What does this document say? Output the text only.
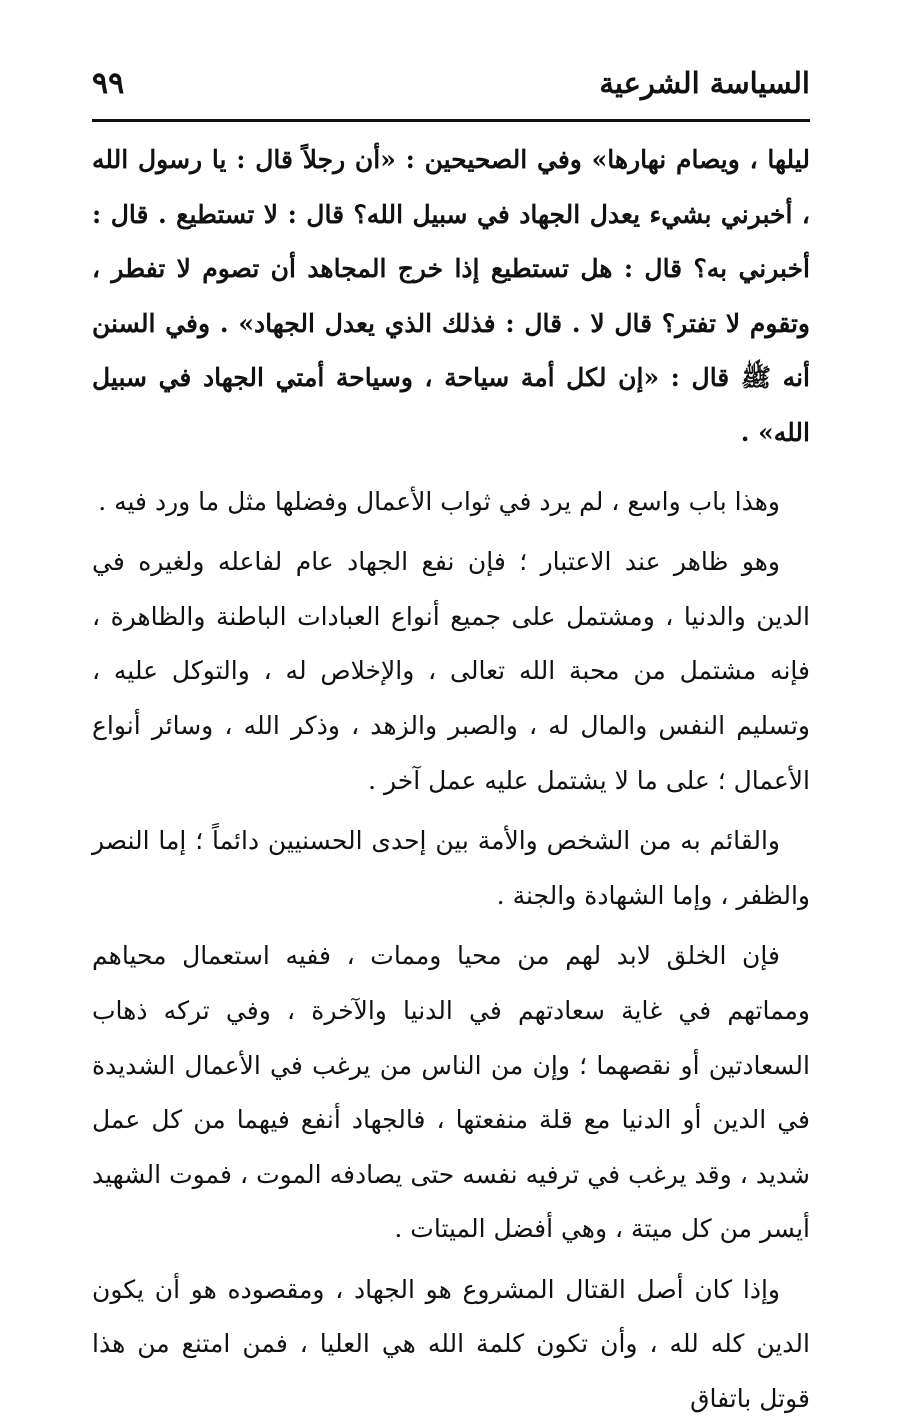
السياسة الشرعية
٩٩

ليلها ، ويصام نهارها» وفي الصحيحين : «أن رجلاً قال : يا رسول الله ، أخبرني بشيء يعدل الجهاد في سبيل الله؟ قال : لا تستطيع . قال : أخبرني به؟ قال : هل تستطيع إذا خرج المجاهد أن تصوم لا تفطر ، وتقوم لا تفتر؟ قال لا . قال : فذلك الذي يعدل الجهاد» . وفي السنن أنه ﷺ قال : «إن لكل أمة سياحة ، وسياحة أمتي الجهاد في سبيل الله» .

وهذا باب واسع ، لم يرد في ثواب الأعمال وفضلها مثل ما ورد فيه .

وهو ظاهر عند الاعتبار ؛ فإن نفع الجهاد عام لفاعله ولغيره في الدين والدنيا ، ومشتمل على جميع أنواع العبادات الباطنة والظاهرة ، فإنه مشتمل من محبة الله تعالى ، والإخلاص له ، والتوكل عليه ، وتسليم النفس والمال له ، والصبر والزهد ، وذكر الله ، وسائر أنواع الأعمال ؛ على ما لا يشتمل عليه عمل آخر .

والقائم به من الشخص والأمة بين إحدى الحسنيين دائماً ؛ إما النصر والظفر ، وإما الشهادة والجنة .

فإن الخلق لابد لهم من محيا وممات ، ففيه استعمال محياهم ومماتهم في غاية سعادتهم في الدنيا والآخرة ، وفي تركه ذهاب السعادتين أو نقصهما ؛ وإن من الناس من يرغب في الأعمال الشديدة في الدين أو الدنيا مع قلة منفعتها ، فالجهاد أنفع فيهما من كل عمل شديد ، وقد يرغب في ترفيه نفسه حتى يصادفه الموت ، فموت الشهيد أيسر من كل ميتة ، وهي أفضل الميتات .

وإذا كان أصل القتال المشروع هو الجهاد ، ومقصوده هو أن يكون الدين كله لله ، وأن تكون كلمة الله هي العليا ، فمن امتنع من هذا قوتل باتفاق
